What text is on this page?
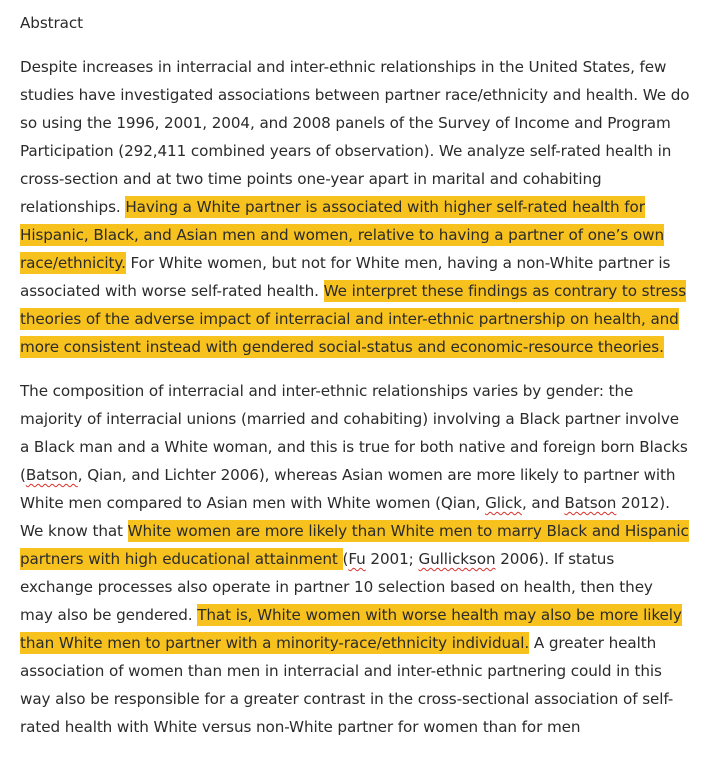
Abstract

Despite increases in interracial and inter-ethnic relationships in the United States, few studies have investigated associations between partner race/ethnicity and health. We do so using the 1996, 2001, 2004, and 2008 panels of the Survey of Income and Program Participation (292,411 combined years of observation). We analyze self-rated health in cross-section and at two time points one-year apart in marital and cohabiting relationships. Having a White partner is associated with higher self-rated health for Hispanic, Black, and Asian men and women, relative to having a partner of one’s own race/ethnicity. For White women, but not for White men, having a non-White partner is associated with worse self-rated health. We interpret these findings as contrary to stress theories of the adverse impact of interracial and inter-ethnic partnership on health, and more consistent instead with gendered social-status and economic-resource theories.

The composition of interracial and inter-ethnic relationships varies by gender: the majority of interracial unions (married and cohabiting) involving a Black partner involve a Black man and a White woman, and this is true for both native and foreign born Blacks (Batson, Qian, and Lichter 2006), whereas Asian women are more likely to partner with White men compared to Asian men with White women (Qian, Glick, and Batson 2012). We know that White women are more likely than White men to marry Black and Hispanic partners with high educational attainment (Fu 2001; Gullickson 2006). If status exchange processes also operate in partner 10 selection based on health, then they may also be gendered. That is, White women with worse health may also be more likely than White men to partner with a minority-race/ethnicity individual. A greater health association of women than men in interracial and inter-ethnic partnering could in this way also be responsible for a greater contrast in the cross-sectional association of self-rated health with White versus non-White partner for women than for men
